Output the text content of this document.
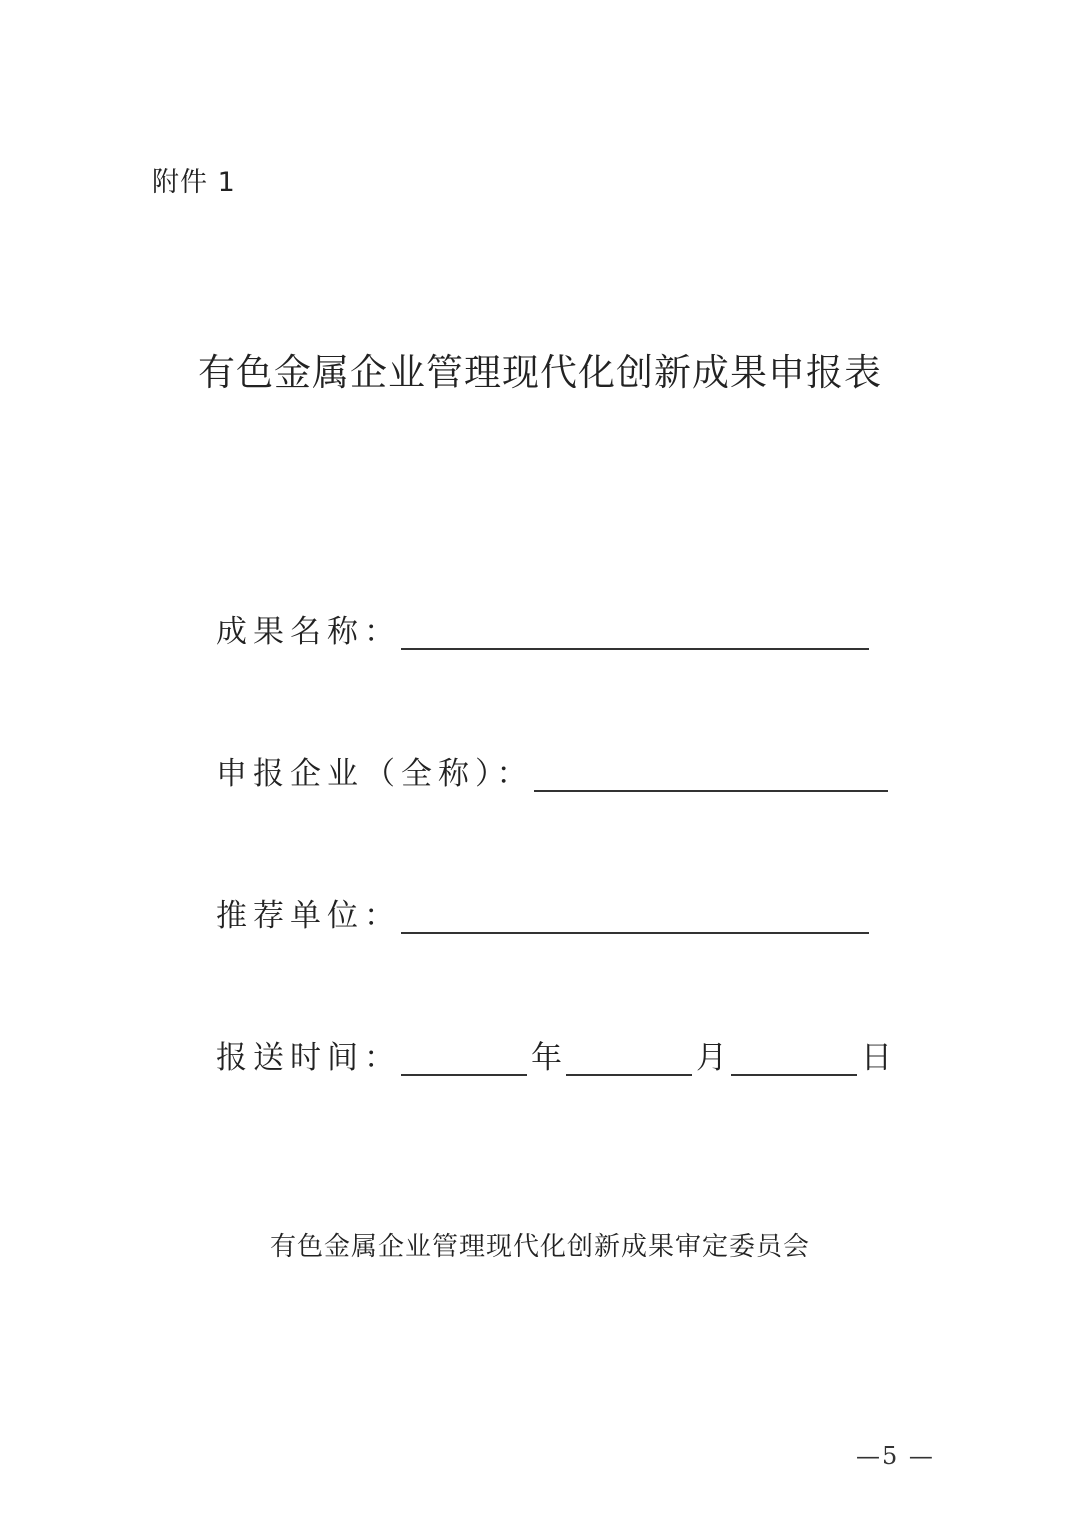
附件 1
有色金属企业管理现代化创新成果申报表
成果名称：
申报企业（全称）：
推荐单位：
报送时间：	年	月	日
有色金属企业管理现代化创新成果审定委员会
—5 —
